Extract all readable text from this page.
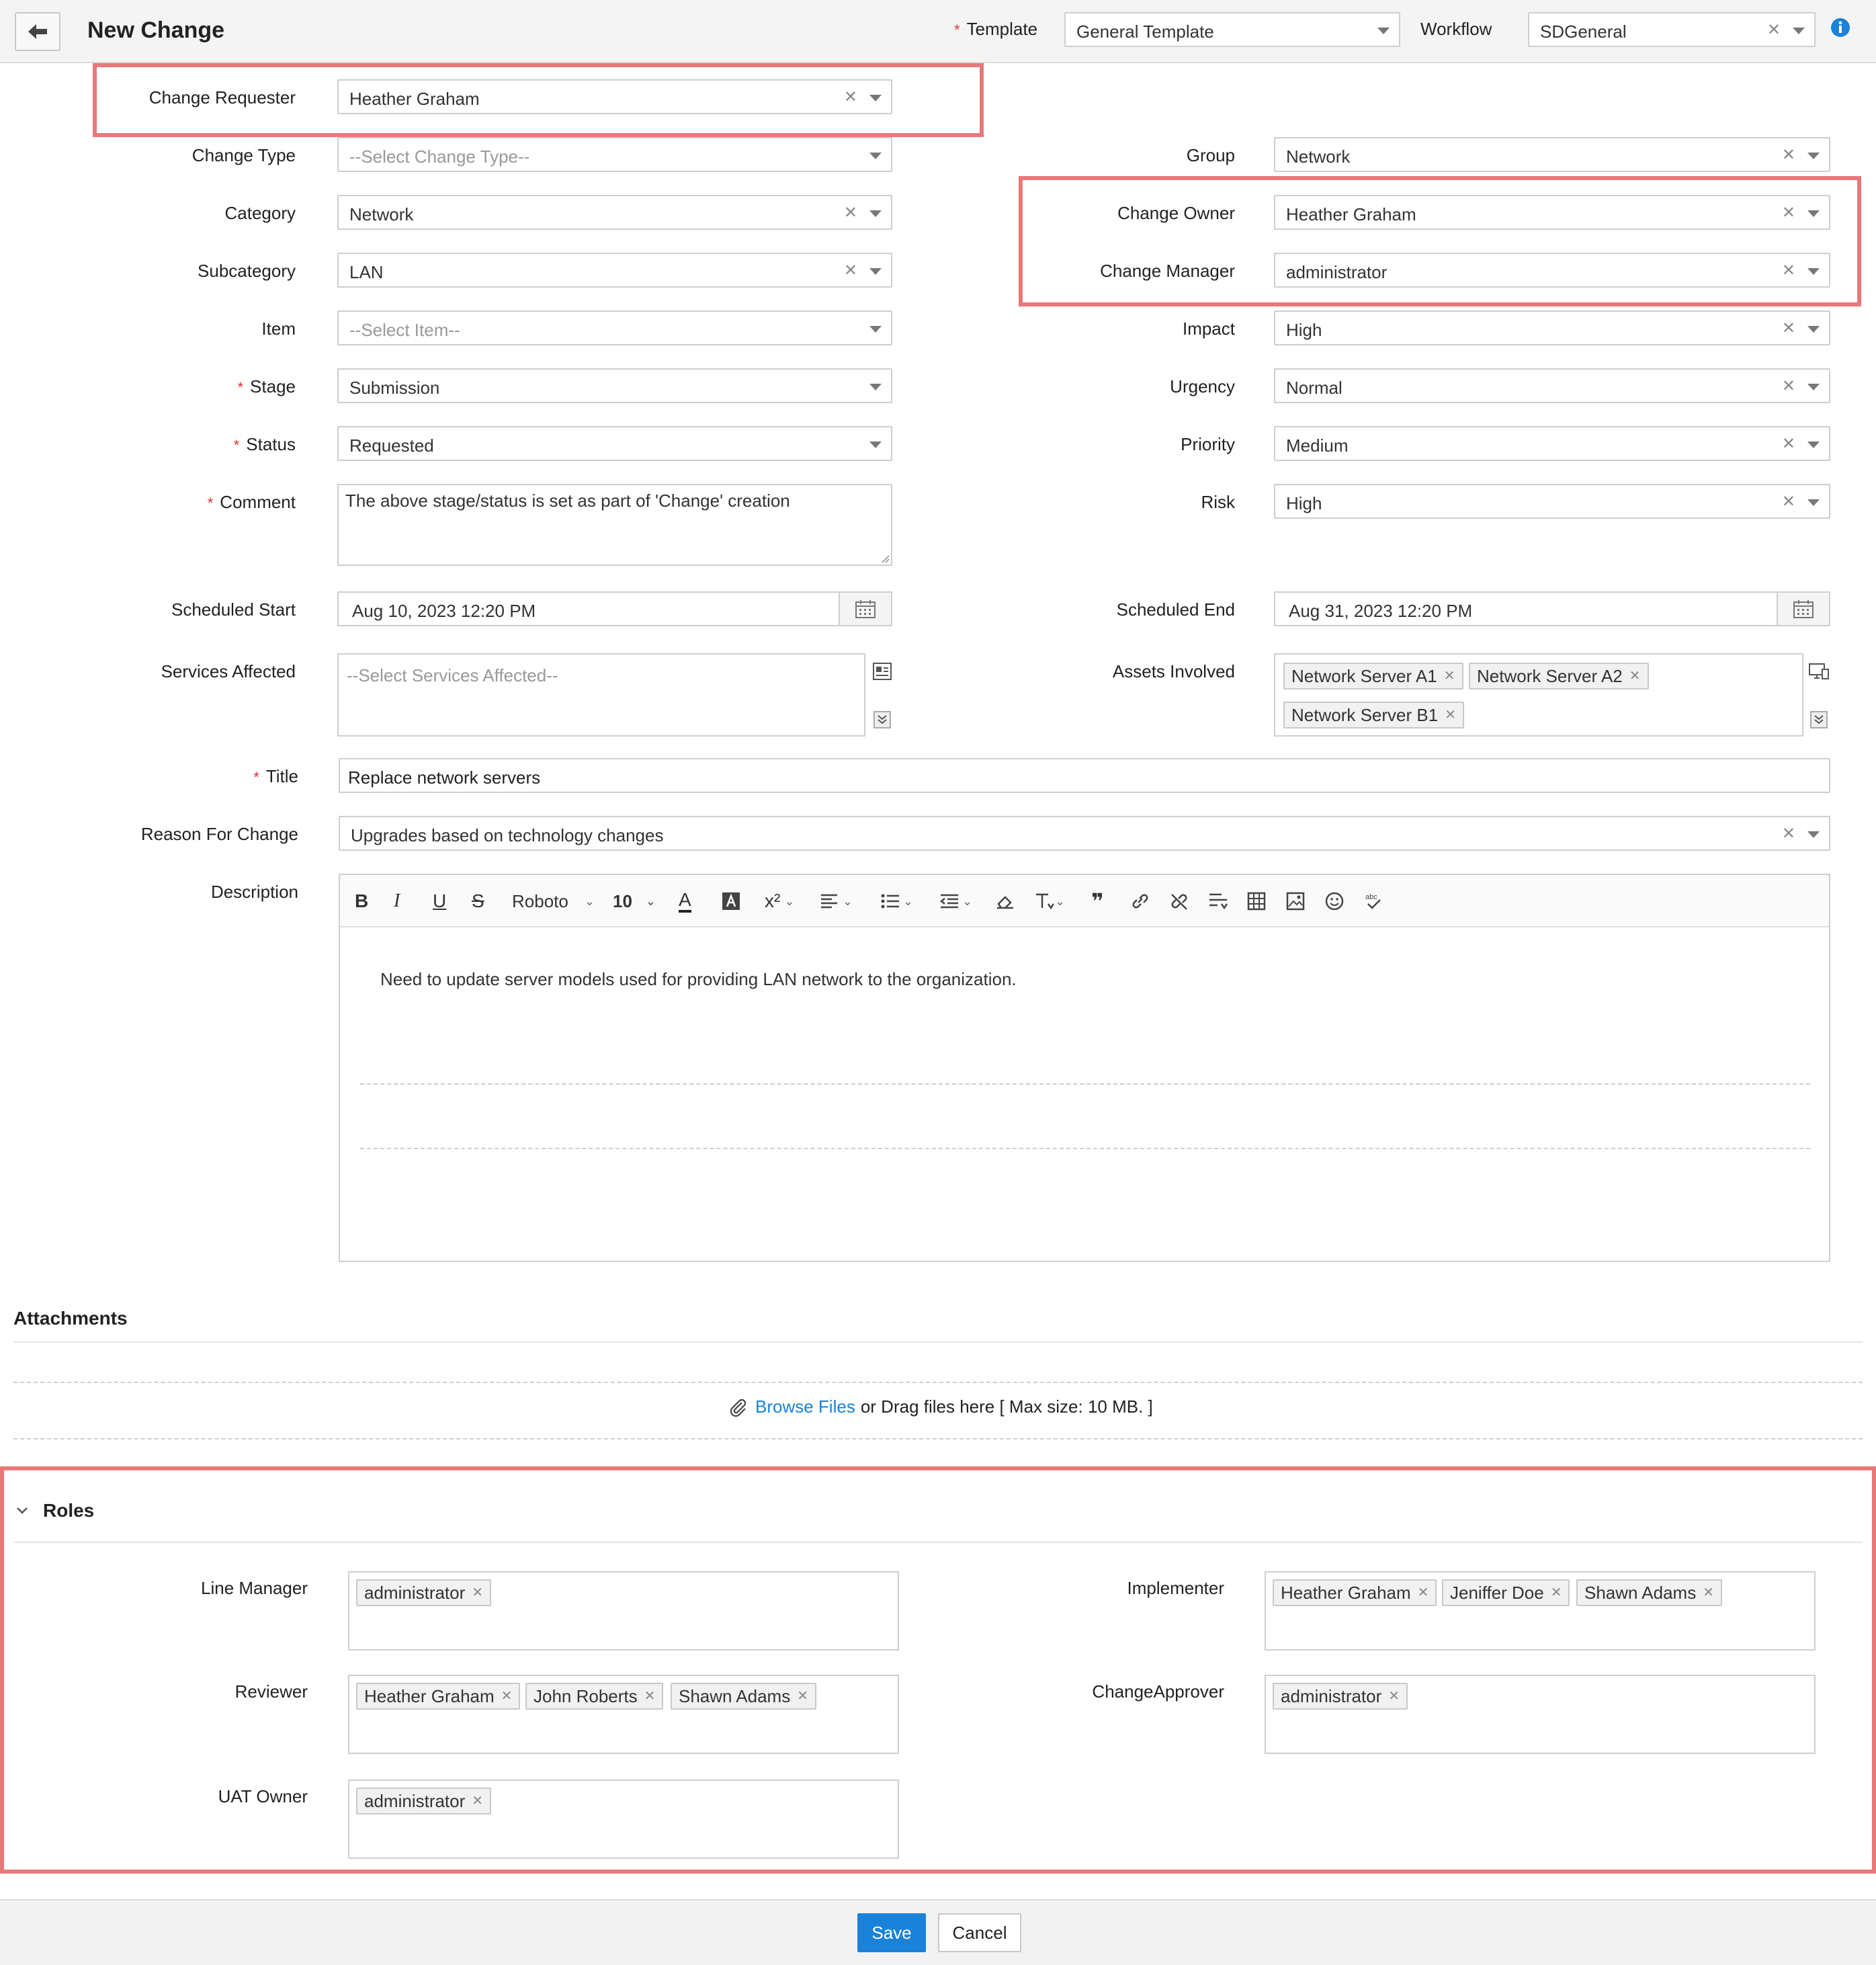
New Change	* Template General Template	Workflow	SDGeneral	✕
Change Requester	Heather Graham	✕
Change Type	--Select Change Type--
Category	Network	✕
Subcategory	LAN	✕
Item	--Select Item--
* Stage	Submission
* Status	Requested
* Comment	The above stage/status is set as part of 'Change' creation
Scheduled Start	Aug 10, 2023 12:20 PM
Services Affected	--Select Services Affected--
Group	Network	✕
Change Owner	Heather Graham	✕
Change Manager	administrator	✕
Impact	High	✕
Urgency	Normal	✕
Priority	Medium	✕
Risk	High	✕
Scheduled End	Aug 31, 2023 12:20 PM
Assets Involved	Network Server A1 ✕ Network Server A2 ✕
Network Server B1 ✕
* Title	Replace network servers
Reason For Change	Upgrades based on technology changes	✕
Description	B I U S Roboto ⌄ 10 ⌄ A	x² ⌄	⌄	⌄	⌄	⌄ ❞	abc
Need to update server models used for providing LAN network to the organization.
Attachments
Browse Files or Drag files here [ Max size: 10 MB. ]
Roles
Line Manager	administrator ✕
Reviewer	Heather Graham ✕ John Roberts ✕ Shawn Adams ✕
UAT Owner	administrator ✕
Implementer	Heather Graham ✕ Jeniffer Doe ✕ Shawn Adams ✕
ChangeApprover	administrator ✕
Save	Cancel
